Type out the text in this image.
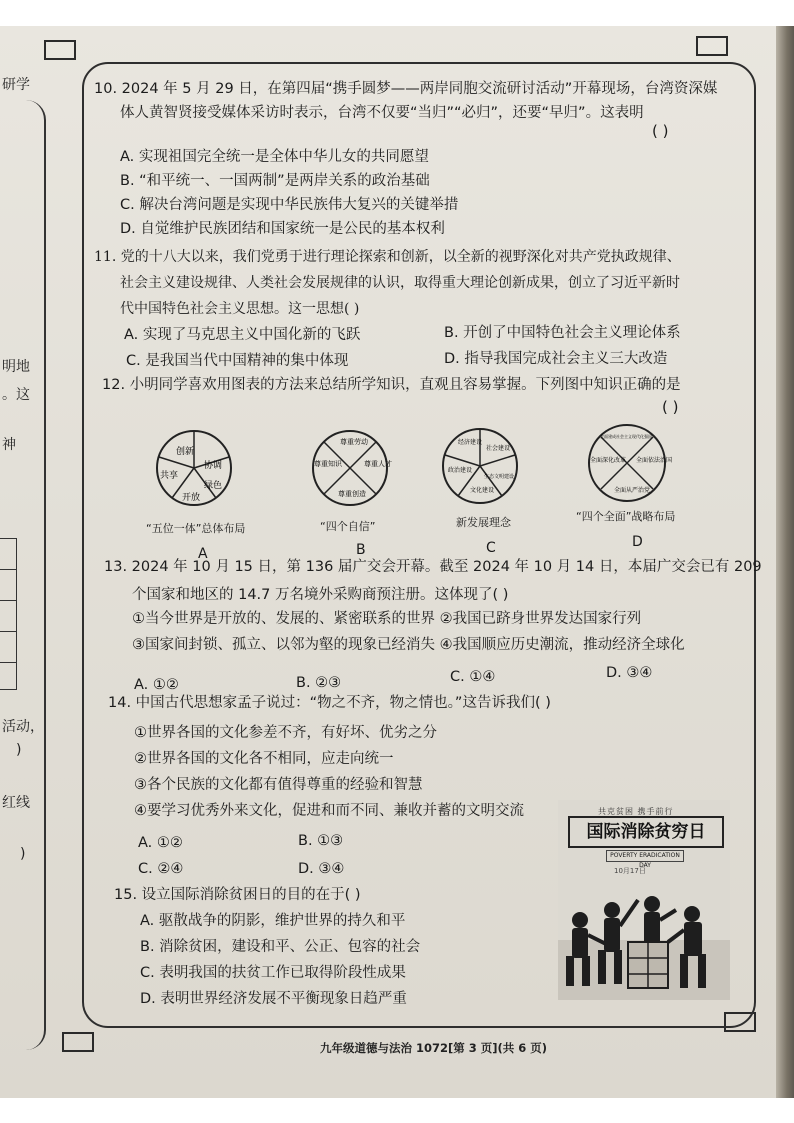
研学
明地
。这
神
活动，
)
红线
)
10. 2024 年 5 月 29 日，在第四届“携手圆梦——两岸同胞交流研讨活动”开幕现场，台湾资深媒
体人黄智贤接受媒体采访时表示，台湾不仅要“当归”“必归”，还要“早归”。这表明
( )
A. 实现祖国完全统一是全体中华儿女的共同愿望
B. “和平统一、一国两制”是两岸关系的政治基础
C. 解决台湾问题是实现中华民族伟大复兴的关键举措
D. 自觉维护民族团结和国家统一是公民的基本权利
11. 党的十八大以来，我们党勇于进行理论探索和创新，以全新的视野深化对共产党执政规律、
社会主义建设规律、人类社会发展规律的认识，取得重大理论创新成果，创立了习近平新时
代中国特色社会主义思想。这一思想( )
A. 实现了马克思主义中国化新的飞跃	B. 开创了中国特色社会主义理论体系
C. 是我国当代中国精神的集中体现	D. 指导我国完成社会主义三大改造
12. 小明同学喜欢用图表的方法来总结所学知识，直观且容易掌握。下列图中知识正确的是
( )
创新
协调
绿色
开放
共享
“五位一体”总体布局
A
尊重劳动
尊重人才
尊重创造
尊重知识
“四个自信”
B
经济建设
社会建设
生态文明建设
文化建设
政治建设
新发展理念
C
全面建成社会主义现代化强国
全面依法治国
全面从严治党
全面深化改革
“四个全面”战略布局
D
13. 2024 年 10 月 15 日，第 136 届广交会开幕。截至 2024 年 10 月 14 日，本届广交会已有 209
个国家和地区的 14.7 万名境外采购商预注册。这体现了( )
①当今世界是开放的、发展的、紧密联系的世界 ②我国已跻身世界发达国家行列
③国家间封锁、孤立、以邻为壑的现象已经消失 ④我国顺应历史潮流，推动经济全球化
A. ①②	B. ②③	C. ①④	D. ③④
14. 中国古代思想家孟子说过：“物之不齐，物之情也。”这告诉我们( )
①世界各国的文化参差不齐，有好坏、优劣之分
②世界各国的文化各不相同，应走向统一
③各个民族的文化都有值得尊重的经验和智慧
④要学习优秀外来文化，促进和而不同、兼收并蓄的文明交流
A. ①②	B. ①③
C. ②④	D. ③④
15. 设立国际消除贫困日的目的在于( )
A. 驱散战争的阴影，维护世界的持久和平
B. 消除贫困，建设和平、公正、包容的社会
C. 表明我国的扶贫工作已取得阶段性成果
D. 表明世界经济发展不平衡现象日趋严重
共克贫困 携手前行
国际消除贫穷日
POVERTY ERADICATION DAY
10月17日
九年级道德与法治 1072[第 3 页](共 6 页)
